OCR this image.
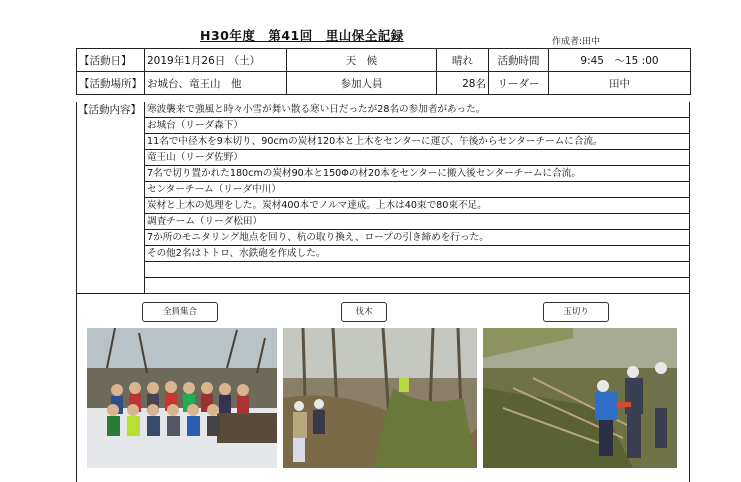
H30年度　第41回　里山保全記録	作成者:田中
【活動日】	2019年1月26日 （土）	天　候	晴れ	活動時間	9:45　～15 :00
【活動場所】	お城台、竜王山　他	参加人員	28名	リーダー	田中
【活動内容】 寒波襲来で強風と時々小雪が舞い散る寒い日だったが28名の参加者があった。
お城台（リーダ森下）
11名で中径木を9本切り、90cmの炭材120本と上木をセンターに運び、午後からセンターチームに合流。
竜王山（リーダ佐野）
7名で切り置かれた180cmの炭材90本と150Φの材20本をセンターに搬入後センターチームに合流。
センターチーム（リーダ中川）
炭材と上木の処理をした。炭材400本でノルマ達成。上木は40束で80束不足。
調査チーム（リーダ松田）
7か所のモニタリング地点を回り、杭の取り換え、ロープの引き締めを行った。
その他2名はトトロ、水鉄砲を作成した。
全員集合	伐木	玉切り
